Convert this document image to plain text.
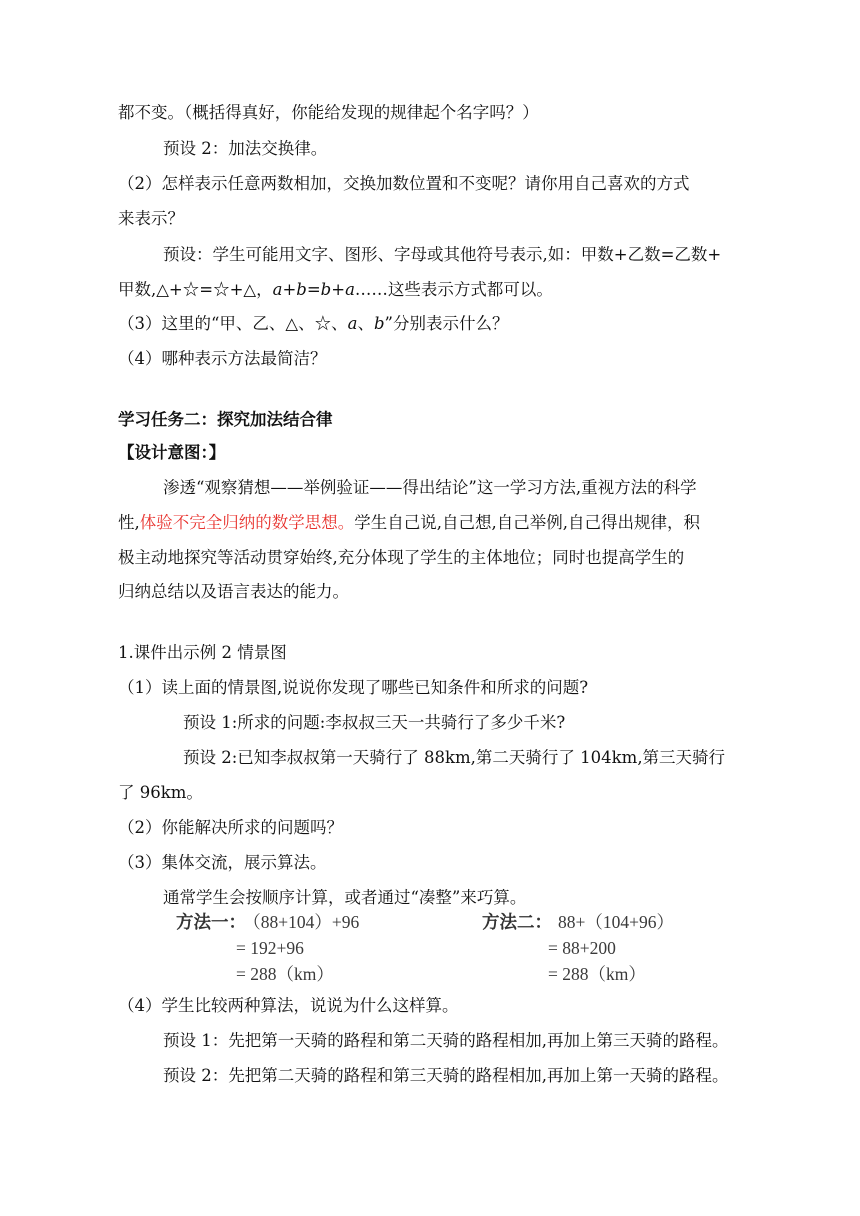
都不变。（概括得真好，你能给发现的规律起个名字吗？）
预设 2：加法交换律。
（2）怎样表示任意两数相加，交换加数位置和不变呢？请你用自己喜欢的方式
来表示？
预设：学生可能用文字、图形、字母或其他符号表示,如：甲数+乙数=乙数+
甲数,△+☆=☆+△，a+b=b+a……这些表示方式都可以。
（3）这里的“甲、乙、△、☆、a、b”分别表示什么？
（4）哪种表示方法最简洁？
学习任务二：探究加法结合律
【设计意图：】
渗透“观察猜想——举例验证——得出结论”这一学习方法,重视方法的科学
性,体验不完全归纳的数学思想。学生自己说,自己想,自己举例,自己得出规律，积
极主动地探究等活动贯穿始终,充分体现了学生的主体地位；同时也提高学生的
归纳总结以及语言表达的能力。
1.课件出示例 2 情景图
（1）读上面的情景图,说说你发现了哪些已知条件和所求的问题?
预设 1:所求的问题:李叔叔三天一共骑行了多少千米?
预设 2:已知李叔叔第一天骑行了 88km,第二天骑行了 104km,第三天骑行
了 96km。
（2）你能解决所求的问题吗？
（3）集体交流，展示算法。
通常学生会按顺序计算，或者通过“凑整”来巧算。
方法一： （88+104）+96
= 192+96
= 288（km）
方法二： 88+（104+96）
= 88+200
= 288（km）
（4）学生比较两种算法，说说为什么这样算。
预设 1：先把第一天骑的路程和第二天骑的路程相加,再加上第三天骑的路程。
预设 2：先把第二天骑的路程和第三天骑的路程相加,再加上第一天骑的路程。
